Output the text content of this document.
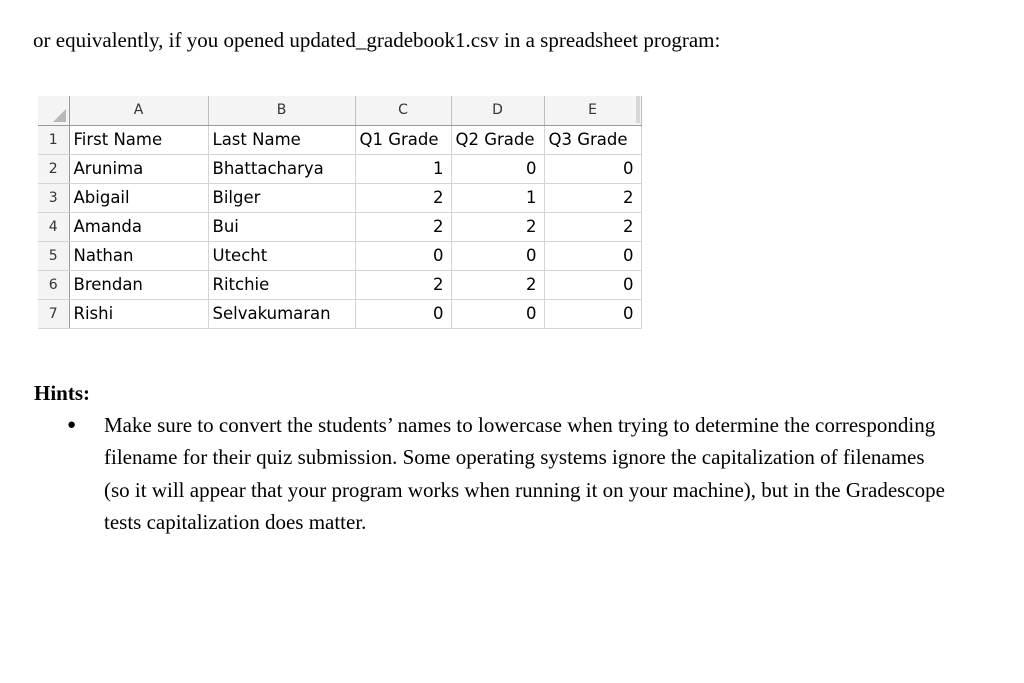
or equivalently, if you opened updated_gradebook1.csv in a spreadsheet program:

	A	B	C	D	E
1	First Name	Last Name	Q1 Grade	Q2 Grade	Q3 Grade
2	Arunima	Bhattacharya	1	0	0
3	Abigail	Bilger	2	1	2
4	Amanda	Bui	2	2	2
5	Nathan	Utecht	0	0	0
6	Brendan	Ritchie	2	2	0
7	Rishi	Selvakumaran	0	0	0
Hints:
● Make sure to convert the students’ names to lowercase when trying to determine the corresponding filename for their quiz submission. Some operating systems ignore the capitalization of filenames (so it will appear that your program works when running it on your machine), but in the Gradescope tests capitalization does matter.
